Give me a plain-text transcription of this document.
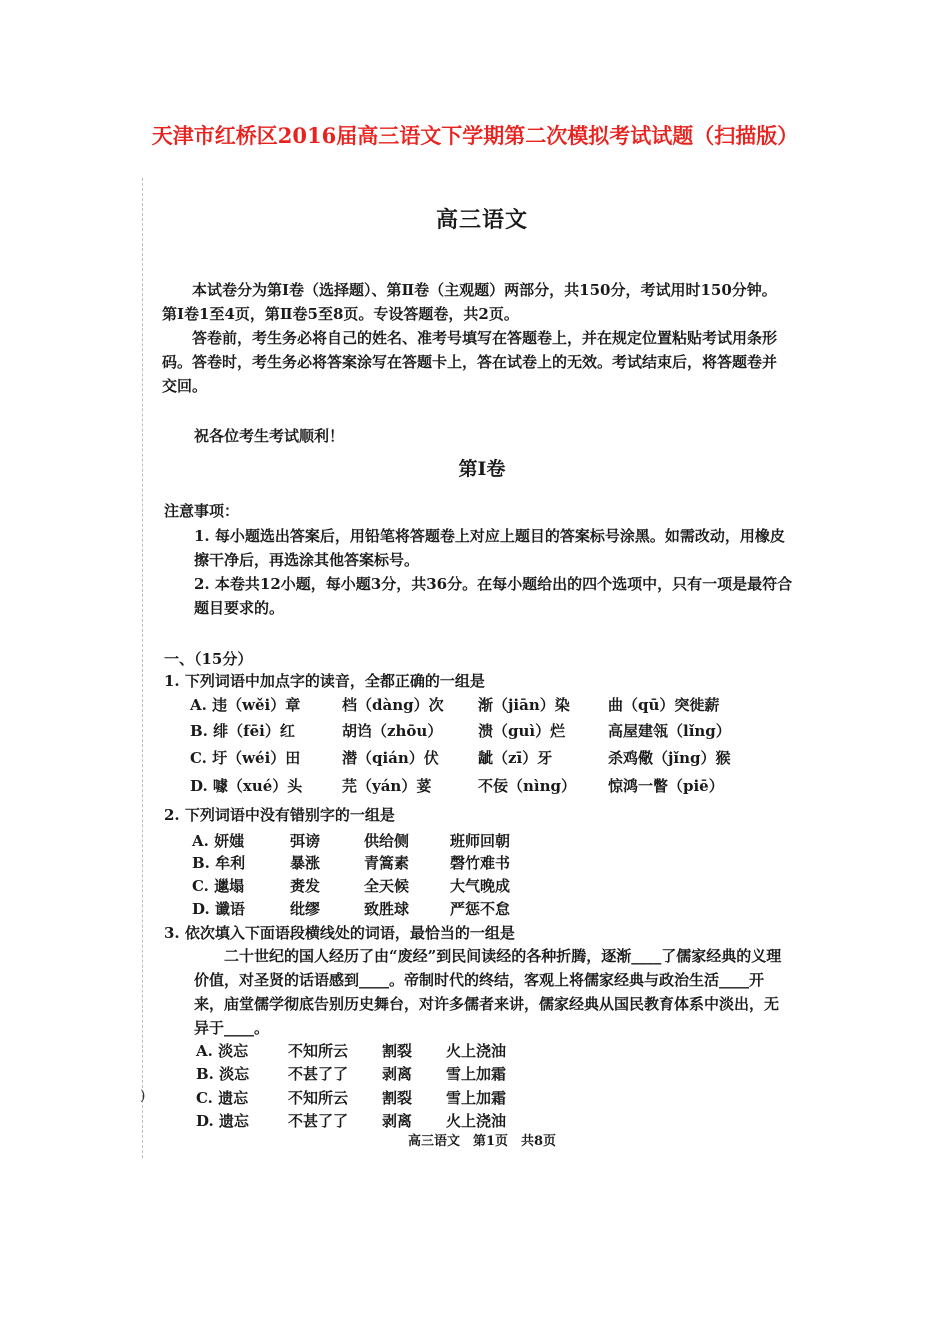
天津市红桥区2016届高三语文下学期第二次模拟考试试题（扫描版）
高三语文
本试卷分为第Ⅰ卷（选择题）、第Ⅱ卷（主观题）两部分，共150分，考试用时150分钟。第Ⅰ卷1至4页，第Ⅱ卷5至8页。专设答题卷，共2页。
答卷前，考生务必将自己的姓名、准考号填写在答题卷上，并在规定位置粘贴考试用条形码。答卷时，考生务必将答案涂写在答题卡上，答在试卷上的无效。考试结束后，将答题卷并交回。
祝各位考生考试顺利！
第Ⅰ卷
注意事项：
1. 每小题选出答案后，用铅笔将答题卷上对应上题目的答案标号涂黑。如需改动，用橡皮擦干净后，再选涂其他答案标号。
2. 本卷共12小题，每小题3分，共36分。在每小题给出的四个选项中，只有一项是最符合题目要求的。
一、（15分）
1. 下列词语中加点字的读音，全都正确的一组是
A. 违（wěi）章	档（dàng）次 渐（jiān）染	曲（qū）突徙薪
B. 绯（fēi）红	胡诌（zhōu） 溃（guì）烂	高屋建瓴（lǐng）
C. 圩（wéi）田	潜（qián）伏	龇（zī）牙	杀鸡儆（jǐng）猴
D. 噱（xué）头	芫（yán）荽	不佞（nìng） 惊鸿一瞥（piē）
2. 下列词语中没有错别字的一组是
A. 妍媸	弭谤	供给侧	班师回朝
B. 牟利	暴涨	青篙素	磬竹难书
C. 邋塌	赉发	全天候	大气晚成
D. 谶语	纰缪	致胜球	严惩不怠
3. 依次填入下面语段横线处的词语，最恰当的一组是
二十世纪的国人经历了由“废经”到民间读经的各种折腾，逐渐____了儒家经典的义理价值，对圣贤的话语感到____。帝制时代的终结，客观上将儒家经典与政治生活____开来，庙堂儒学彻底告别历史舞台，对许多儒者来讲，儒家经典从国民教育体系中淡出，无异于____。
A. 淡忘	不知所云 割裂 火上浇油
B. 淡忘	不甚了了 剥离 雪上加霜
C. 遗忘	不知所云 割裂 雪上加霜
D. 遗忘	不甚了了 剥离 火上浇油
高三语文　第1页　共8页
)
